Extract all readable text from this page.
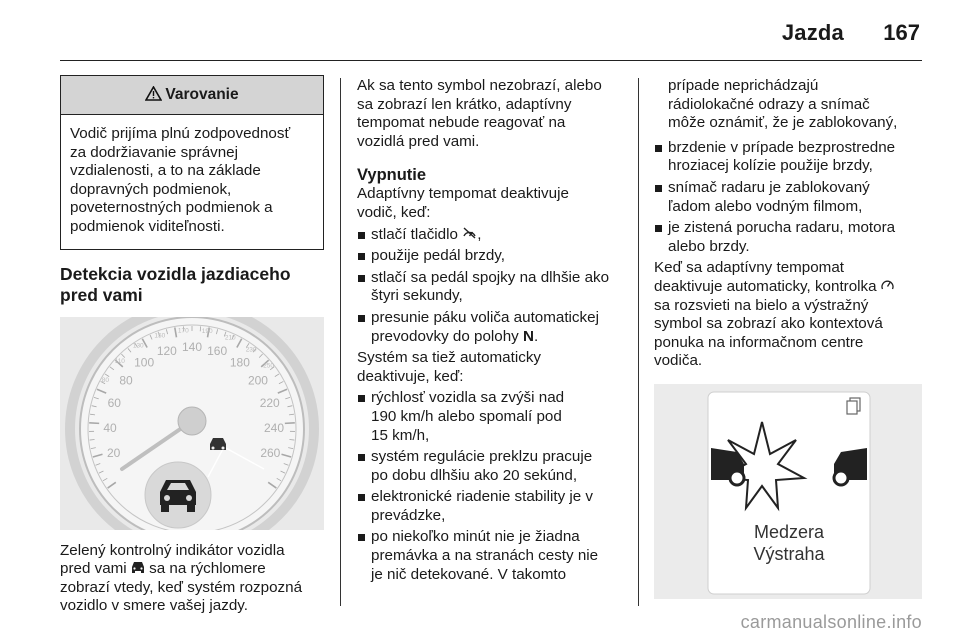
Jazda 167
Varovanie

Vodič prijíma plnú zodpovednosť

za dodržiavanie správnej

vzdialenosti, a to na základe

dopravných podmienok,

poveternostných podmienok a

podmienok viditeľnosti.

Detekcia vozidla jazdiaceho
pred vami
20
40
60
80
100
120 140 160
180
200
220
240
260
80
110
130
150
170 190
210
230
250

Zelený kontrolný indikátor vozidla

pred vami sa na rýchlomere

zobrazí vtedy, keď systém rozpozná

vozidlo v smere vašej jazdy.

Ak sa tento symbol nezobrazí, alebo

sa zobrazí len krátko, adaptívny

tempomat nebude reagovať na

vozidlá pred vami.

Vypnutie

Adaptívny tempomat deaktivuje

vodič, keď:

stlačí tlačidlo ,
použije pedál brzdy,
stlačí sa pedál spojky na dlhšie ako
štyri sekundy,
presunie páku voliča automatickej
prevodovky do polohy N.

Systém sa tiež automaticky

deaktivuje, keď:

rýchlosť vozidla sa zvýši nad
190 km/h alebo spomalí pod
15 km/h,
systém regulácie preklzu pracuje
po dobu dlhšiu ako 20 sekúnd,
elektronické riadenie stability je v
prevádzke,
po niekoľko minút nie je žiadna
premávka a na stranách cesty nie
je nič detekované. V takomto

prípade neprichádzajú

rádiolokačné odrazy a snímač

môže oznámiť, že je zablokovaný,

brzdenie v prípade bezprostredne
hroziacej kolízie použije brzdy,
snímač radaru je zablokovaný
ľadom alebo vodným filmom,
je zistená porucha radaru, motora
alebo brzdy.

Keď sa adaptívny tempomat

deaktivuje automaticky, kontrolka

sa rozsvieti na bielo a výstražný

symbol sa zobrazí ako kontextová

ponuka na informačnom centre

vodiča.

Medzera
Výstraha
carmanualsonline.info
